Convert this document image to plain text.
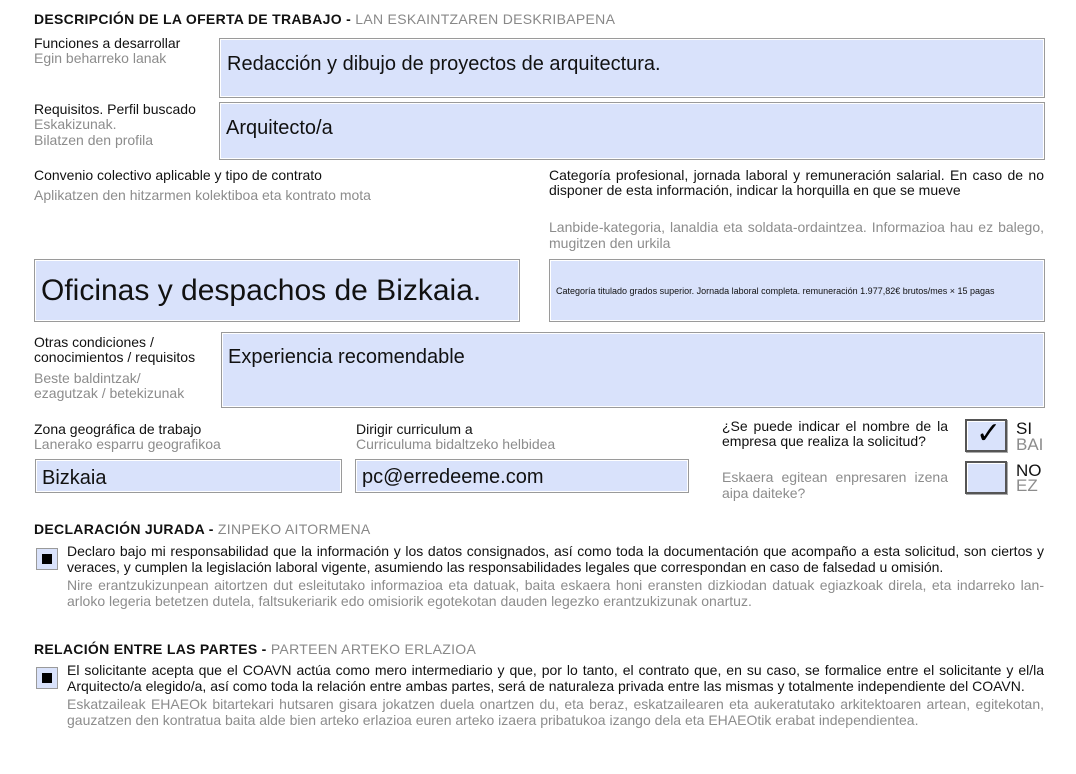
DESCRIPCIÓN DE LA OFERTA DE TRABAJO - LAN ESKAINTZAREN DESKRIBAPENA
Funciones a desarrollar
Egin beharreko lanak	Redacción y dibujo de proyectos de arquitectura.
Requisitos. Perfil buscado
Eskakizunak.
Bilatzen den profila
Arquitecto/a
Convenio colectivo aplicable y tipo de contrato
Aplikatzen den hitzarmen kolektiboa eta kontrato mota
Oficinas y despachos de Bizkaia.
Categoría profesional, jornada laboral y remuneración salarial. En caso de no disponer de esta información, indicar la horquilla en que se mueve
Lanbide-kategoria, lanaldia eta soldata-ordaintzea. Informazioa hau ez balego, mugitzen den urkila
Categoría titulado grados superior. Jornada laboral completa. remuneración 1.977,82€ brutos/mes × 15 pagas
Otras condiciones /
conocimientos / requisitos
Beste baldintzak/
ezagutzak / betekizunak
Experiencia recomendable
Zona geográfica de trabajo
Lanerako esparru geografikoa
Bizkaia
Dirigir curriculum a
Curriculuma bidaltzeko helbidea
pc@erredeeme.com
¿Se puede indicar el nombre de la empresa que realiza la solicitud?
Eskaera egitean enpresaren izena aipa daiteke?
✓ SI
BAI
NO
EZ
DECLARACIÓN JURADA - ZINPEKO AITORMENA
Declaro bajo mi responsabilidad que la información y los datos consignados, así como toda la documentación que acompaño a esta solicitud, son ciertos y veraces, y cumplen la legislación laboral vigente, asumiendo las responsabilidades legales que correspondan en caso de falsedad u omisión.
Nire erantzukizunpean aitortzen dut esleitutako informazioa eta datuak, baita eskaera honi eransten dizkiodan datuak egiazkoak direla, eta indarreko lan-arloko legeria betetzen dutela, faltsukeriarik edo omisiorik egotekotan dauden legezko erantzukizunak onartuz.
RELACIÓN ENTRE LAS PARTES - PARTEEN ARTEKO ERLAZIOA
El solicitante acepta que el COAVN actúa como mero intermediario y que, por lo tanto, el contrato que, en su caso, se formalice entre el solicitante y el/la Arquitecto/a elegido/a, así como toda la relación entre ambas partes, será de naturaleza privada entre las mismas y totalmente independiente del COAVN.
Eskatzaileak EHAEOk bitartekari hutsaren gisara jokatzen duela onartzen du, eta beraz, eskatzailearen eta aukeratutako arkitektoaren artean, egitekotan, gauzatzen den kontratua baita alde bien arteko erlazioa euren arteko izaera pribatukoa izango dela eta EHAEOtik erabat independientea.
